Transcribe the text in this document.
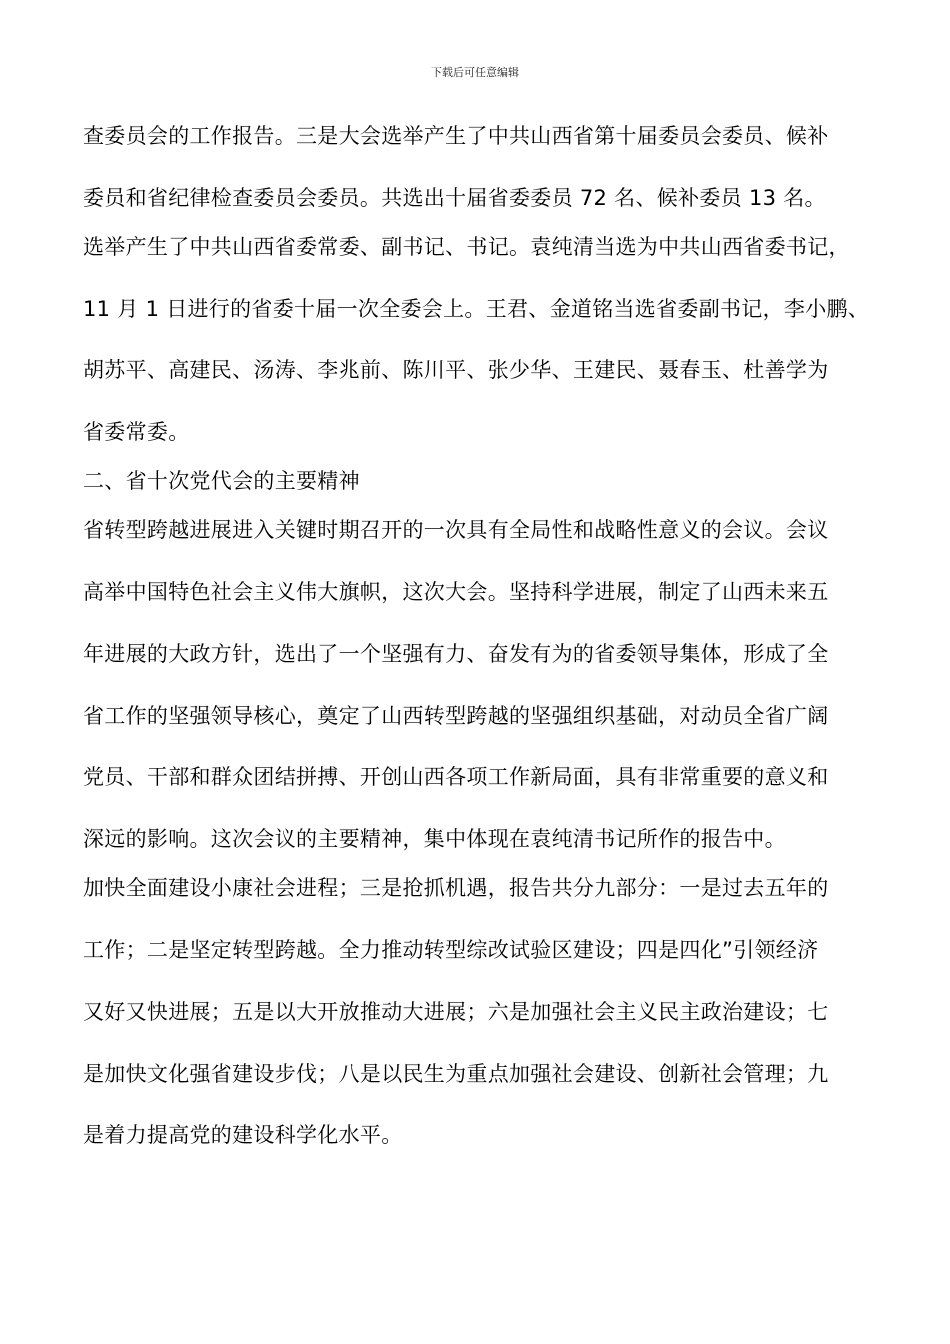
下载后可任意编辑
查委员会的工作报告。三是大会选举产生了中共山西省第十届委员会委员、候补
委员和省纪律检查委员会委员。共选出十届省委委员 72 名、候补委员 13 名。
选举产生了中共山西省委常委、副书记、书记。袁纯清当选为中共山西省委书记，
11 月 1 日进行的省委十届一次全委会上。王君、金道铭当选省委副书记，李小鹏、
胡苏平、高建民、汤涛、李兆前、陈川平、张少华、王建民、聂春玉、杜善学为
省委常委。
二、省十次党代会的主要精神
省转型跨越进展进入关键时期召开的一次具有全局性和战略性意义的会议。会议
高举中国特色社会主义伟大旗帜，这次大会。坚持科学进展，制定了山西未来五
年进展的大政方针，选出了一个坚强有力、奋发有为的省委领导集体，形成了全
省工作的坚强领导核心，奠定了山西转型跨越的坚强组织基础，对动员全省广阔
党员、干部和群众团结拼搏、开创山西各项工作新局面，具有非常重要的意义和
深远的影响。这次会议的主要精神，集中体现在袁纯清书记所作的报告中。
加快全面建设小康社会进程；三是抢抓机遇，报告共分九部分：一是过去五年的
工作；二是坚定转型跨越。全力推动转型综改试验区建设；四是四化”引领经济
又好又快进展；五是以大开放推动大进展；六是加强社会主义民主政治建设；七
是加快文化强省建设步伐；八是以民生为重点加强社会建设、创新社会管理；九
是着力提高党的建设科学化水平。
